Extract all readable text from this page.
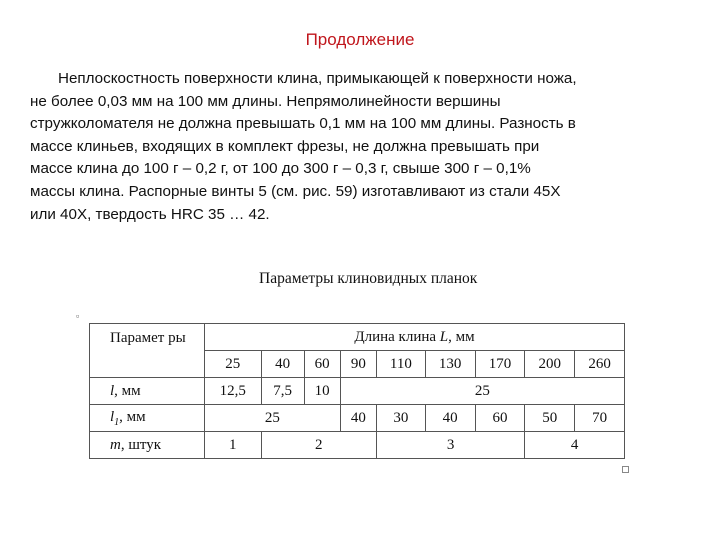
Продолжение

Неплоскостность поверхности клина, примыкающей к поверхности ножа,
не более 0,03 мм на 100 мм длины. Непрямолинейности вершины
стружколомателя не должна превышать 0,1 мм на 100 мм длины. Разность в
массе клиньев, входящих в комплект фрезы, не должна превышать при
массе клина до 100 г – 0,2 г, от 100 до 300 г – 0,3 г, свыше 300 г – 0,1%
массы клина. Распорные винты 5 (см. рис. 59) изготавливают из стали 45Х
или 40Х, твердость HRC 35 … 42.

Параметры клиновидных планок
▫
Парамет ры	Длина клина L, мм								
	25	40	60	90	110	130	170	200	260
l, мм	12,5	7,5	10	25					
$l_1$, мм	25			40	30	40	60	50	70
m, штук	1	2			3			4	
